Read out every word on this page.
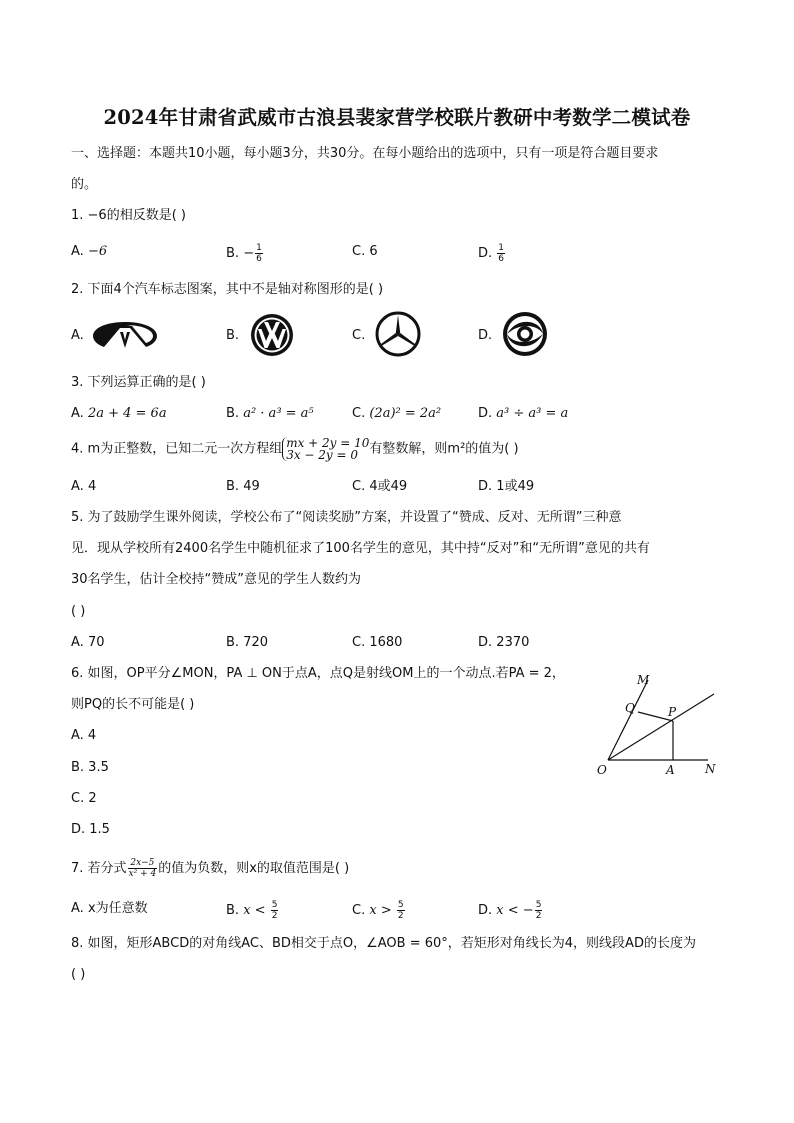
2024年甘肃省武威市古浪县裴家营学校联片教研中考数学二模试卷
一、选择题：本题共10小题，每小题3分，共30分。在每小题给出的选项中，只有一项是符合题目要求
的。
1. −6的相反数是( )
A. −6	B. − $\frac{1}{6}$	C. 6	D. $\frac{1}{6}$
2. 下面4个汽车标志图案，其中不是轴对称图形的是( )
A.	B.	C.	D.
3. 下列运算正确的是( )
A. 2a + 4 = 6a	B. a² · a³ = a⁵	C. (2a)² = 2a²	D. a³ ÷ a³ = a
4. m为正整数，已知二元一次方程组 mx + 2y = 10
3x − 2y = 0 有整数解，则m²的值为( )
A. 4	B. 49	C. 4或49	D. 1或49
5. 为了鼓励学生课外阅读，学校公布了“阅读奖励”方案，并设置了“赞成、反对、无所谓”三种意
见．现从学校所有2400名学生中随机征求了100名学生的意见，其中持“反对”和“无所谓”意见的共有
30名学生，估计全校持“赞成”意见的学生人数约为
( )
A. 70	B. 720	C. 1680	D. 2370
6. 如图，OP平分∠MON，PA ⊥ ON于点A，点Q是射线OM上的一个动点.若PA = 2，
则PQ的长不可能是( )
A. 4
B. 3.5
C. 2
D. 1.5
M
Q	P
O	A	N
7. 若分式 $\frac{2x-5}{\text{x² + 4}}$ 的值为负数，则x的取值范围是( )
A. x为任意数	B. $x < \frac{5}{2}$	C. $x > \frac{5}{2}$	D. x < − $\frac{5}{2}$
8. 如图，矩形ABCD的对角线AC、BD相交于点O，∠AOB = 60°，若矩形对角线长为4，则线段AD的长度为
( )
